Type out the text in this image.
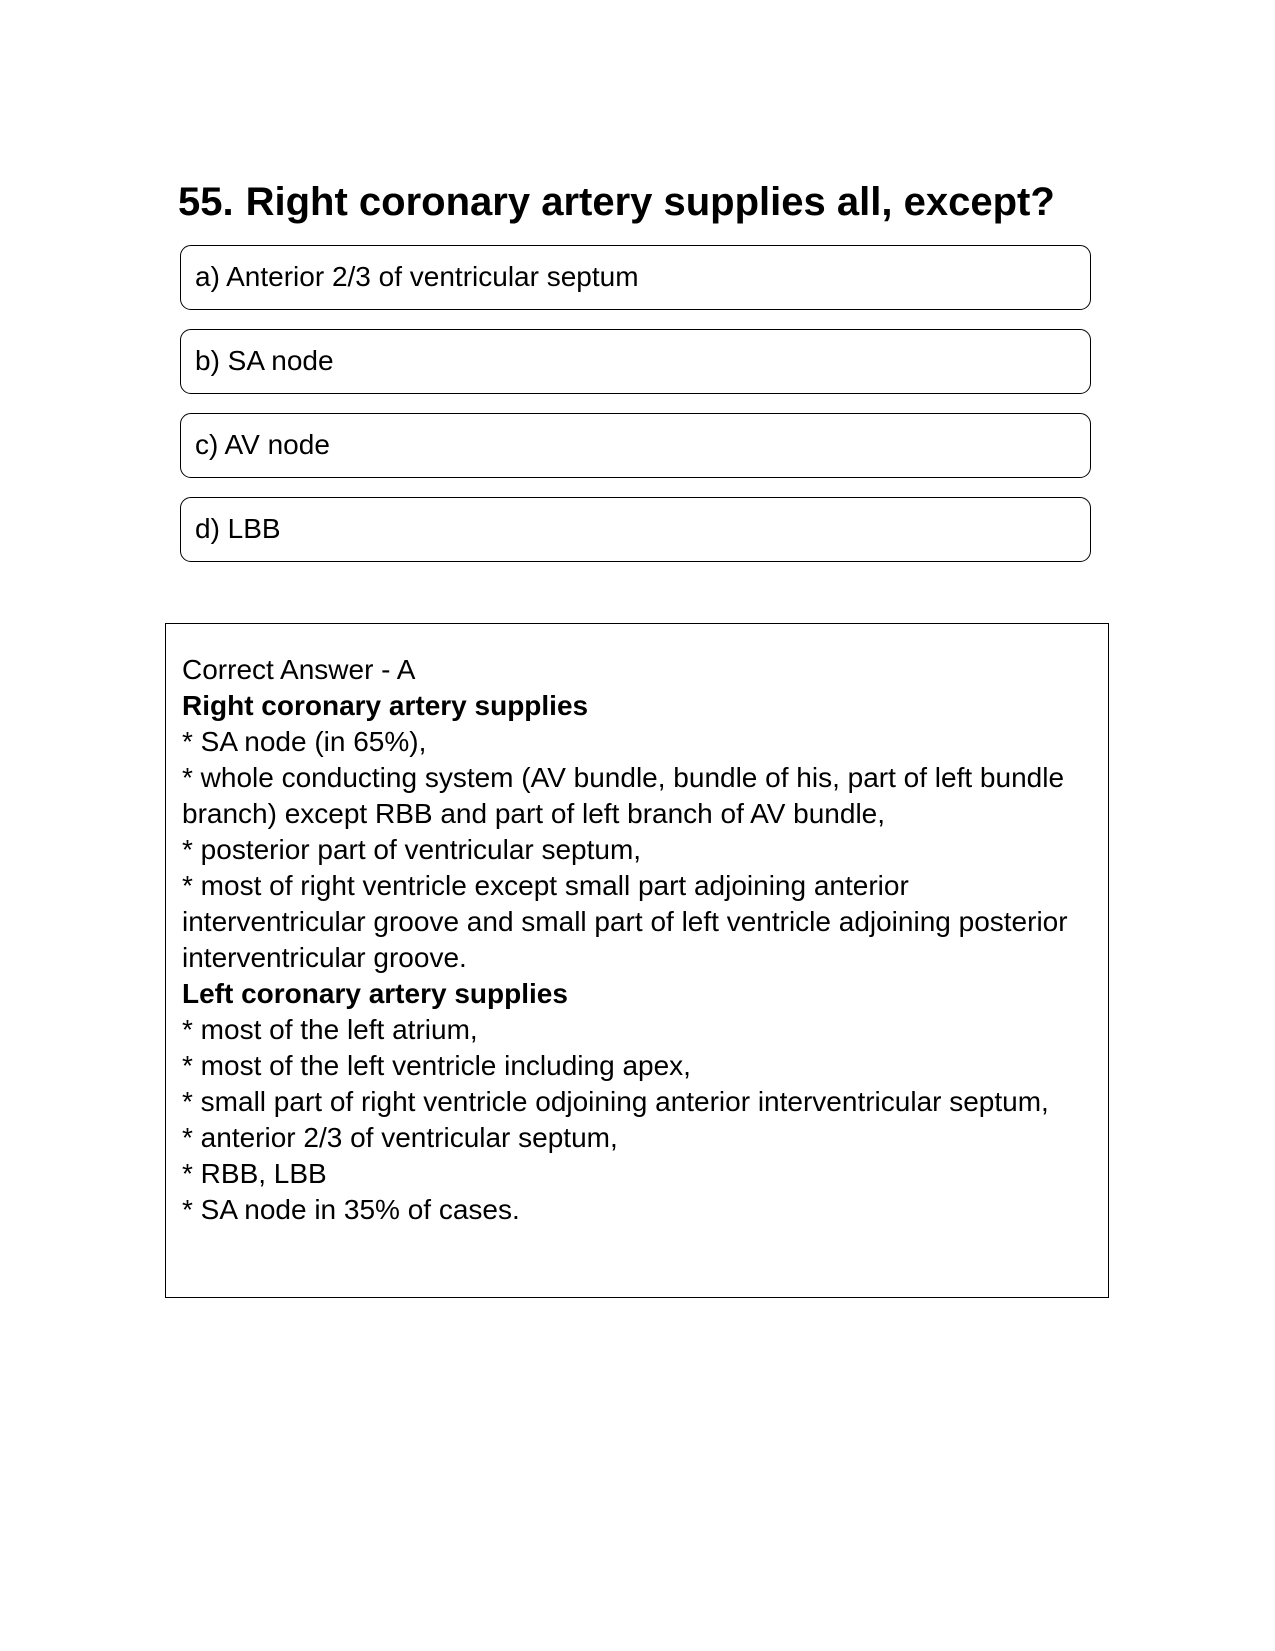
55. Right coronary artery supplies all, except?
a) Anterior 2/3 of ventricular septum
b) SA node
c) AV node
d) LBB
Correct Answer - A
Right coronary artery supplies
* SA node (in 65%),
* whole conducting system (AV bundle, bundle of his, part of left bundle branch) except RBB and part of left branch of AV bundle,
* posterior part of ventricular septum,
* most of right ventricle except small part adjoining anterior interventricular groove and small part of left ventricle adjoining posterior interventricular groove.
Left coronary artery supplies
* most of the left atrium,
* most of the left ventricle including apex,
* small part of right ventricle odjoining anterior interventricular septum,
* anterior 2/3 of ventricular septum,
* RBB, LBB
* SA node in 35% of cases.
